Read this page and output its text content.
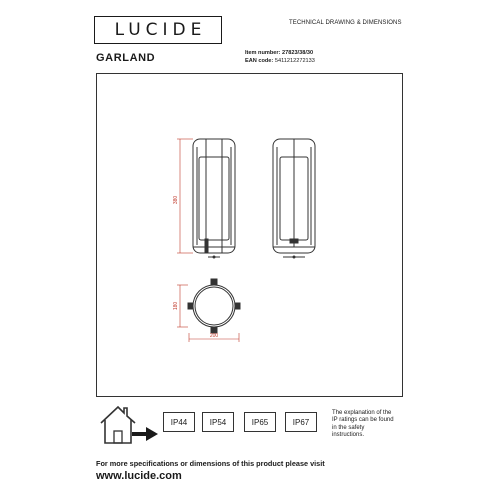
LUCIDE	TECHNICAL DRAWING & DIMENSIONS
GARLAND	Item number: 27823/38/30
EAN code: 5411212272133
380
180
200
IP44	IP54	IP65	IP67
The explanation of the
IP ratings can be found
in the safety
instructions.
For more specifications or dimensions of this product please visit
www.lucide.com
